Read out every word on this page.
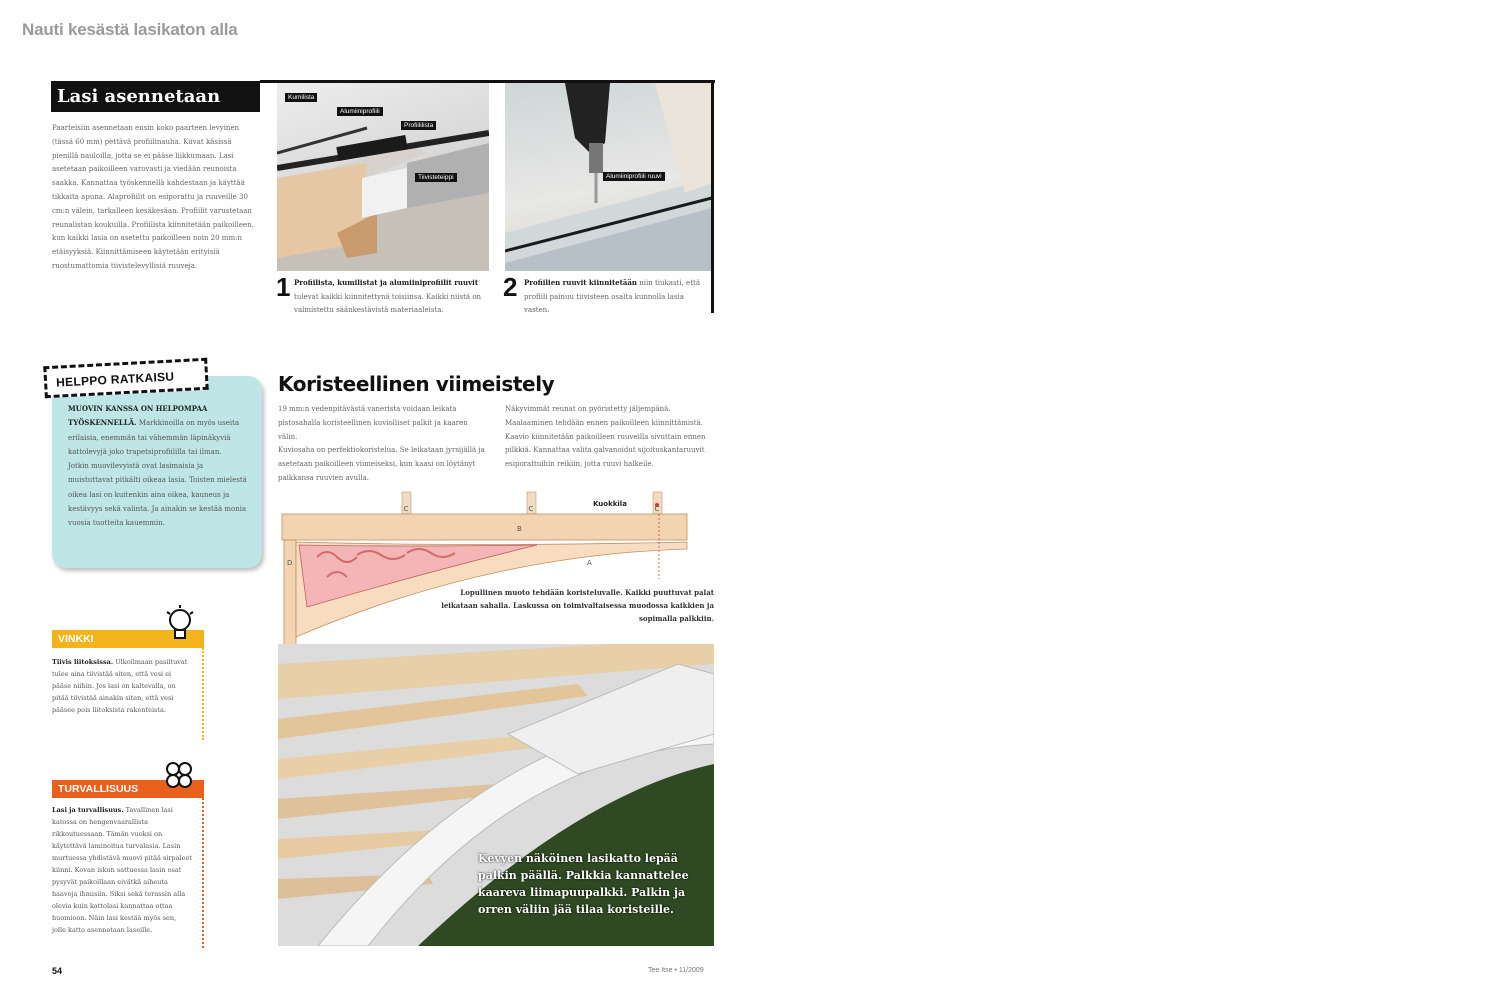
Nauti kesästä lasikaton alla
Lasi asennetaan

Paarteisiin asennetaan ensin koko paarteen levyinen (tässä 60 mm) pettävä profiilinauha. Kuvat käsissä pienillä nauloilla, jotta se ei pääse liikkumaan. Lasi asetetaan paikoilleen varovasti ja viedään reunoista saakka. Kannattaa työskennellä kahdestaan ja käyttää tikkaita apuna. Alaprofiilit on esiporattu ja ruuveille 30 cm:n välein, tarkalleen kesäkesäan. Profiilit varustetaan reunalistan koukuilla. Profiilista kiinnitetään paikoilleen, kun kaikki lasia on asetettu paikoilleen noin 20 mm:n etäisyyksiä. Kiinnittämiseen käytetään erityisiä ruostumattomia tiivistelevyllisiä ruuveja.

Kumilista
Alumiiniprofiili
Profiililista
Tiivisteteippi	Alumiiniprofiili ruuvi
1 Profiilista, kumilistat ja alumiiniprofiilit ruuvit tulevat kaikki kiinnitettynä toisiinsa. Kaikki niistä on valmistettu säänkestävistä materiaaleista.
2 Profiilien ruuvit kiinnitetään niin tiukasti, että profiili painuu tiivisteen osalta kunnolla lasia vasten.
HELPPO RATKAISU
MUOVIN KANSSA ON HELPOMPAA TYÖSKENNELLÄ. Markkinoilla on myös useita erilaisia, enemmän tai vähemmän läpinäkyviä kattolevyjä joko trapetsiprofiililla tai ilman.
Jotkin muovilevyistä ovat lasimaisia ja muistuttavat pitkälti oikeaa lasia. Toisten mielestä oikea lasi on kuitenkin aina oikea, kauneus ja kestävyys sekä valinta. Ja ainakin se kestää monia vuosia tuotteita kauemmin.
VINKKI
Tiivis liitoksissa. Ulkoilmaan pasiltuvat tulee aina tiivistää siten, että vesi ei pääse niihin. Jos lasi on kaltevalla, on pitää tiivistää ainakin siten, että vesi pääsee pois liitoksista rakenteista.
TURVALLISUUS
Lasi ja turvallisuus. Tavallinen lasi katossa on hengenvaarallista rikkoutuessaan. Tämän vuoksi on käytettävä laminoitua turvalasia. Lasin murtuessa yhdistävä muovi pitää sirpaleet kiinni. Kovan iskun sattuessa lasin osat pysyvät paikoillaan eivätkä aiheuta haavoja ihmisiin. Siksi sekä terassin alla olevia kuin kattolasi kannattaa ottaa huomioon. Näin lasi kestää myös sen, jolle katto asennetaan laseille.
Koristeellinen viimeistely

19 mm:n vedenpitävästä vanerista voidaan leikata pistosahalla koristeellinen kuviolliset palkit ja kaaren välin.

Kuviosaha on perfektiokoristelua. Se leikataan jyrsijällä ja asetetaan paikoilleen viimeiseksi, kun kaasi on löytänyt paikkansa ruuvien avulla.

Näkyvimmät reunat on pyöristetty jäljempänä. Maalaaminen tehdään ennen paikoilleen kiinnittämistä. Kaavio kiinnitetään paikoilleen ruuveilla sivuttain ennen pilkkiä. Kannattaa valita galvanoidut sijoituskantaruuvit esiporattuihin reikiin, jotta ruuvi halkeile.

C	C	C
B
A
D
Kuokkila
Lopullinen muoto tehdään koristeluvalle. Kaikki puuttuvat palat leikataan sahalla. Laskussa on toimivaltaisessa muodossa kaikkien ja sopimalla palkkiin.
Kevyen näköinen lasikatto lepää palkin päällä. Palkkia kannattelee kaareva liimapuupalkki. Palkin ja orren väliin jää tilaa koristeille.
54	Tee Itse • 11/2009
